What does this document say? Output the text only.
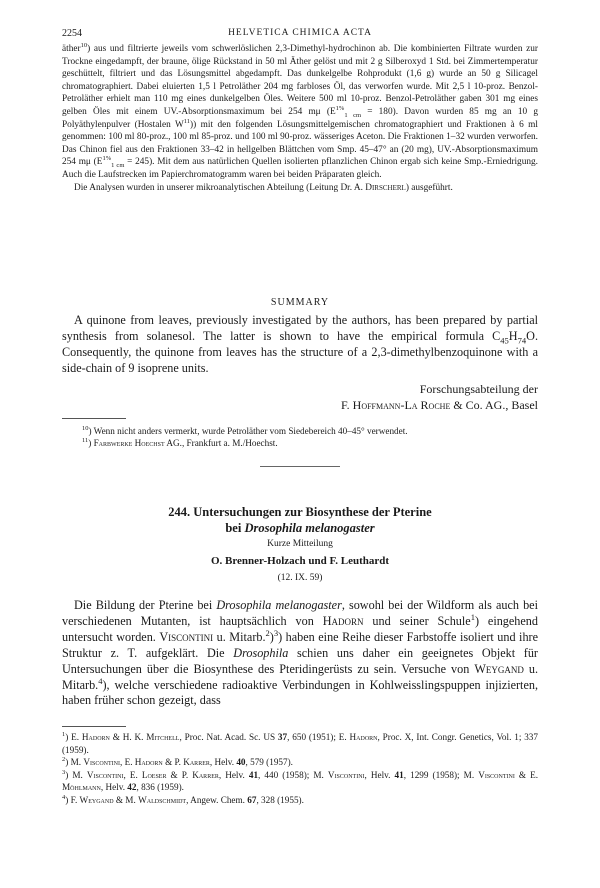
2254	HELVETICA CHIMICA ACTA

äther$^{10}$) aus und filtrierte jeweils vom schwerlöslichen 2,3-Dimethyl-hydrochinon ab. Die kombinierten Filtrate wurden zur Trockne eingedampft, der braune, ölige Rückstand in 50 ml Äther gelöst und mit 2 g Silberoxyd 1 Std. bei Zimmertemperatur geschüttelt, filtriert und das Lösungsmittel abgedampft. Das dunkelgelbe Rohprodukt (1,6 g) wurde an 50 g Silicagel chromatographiert. Dabei eluierten 1,5 l Petroläther 204 mg farbloses Öl, das verworfen wurde. Mit 2,5 l 10-proz. Benzol-Petroläther erhielt man 110 mg eines dunkelgelben Öles. Weitere 500 ml 10-proz. Benzol-Petroläther gaben 301 mg eines gelben Öles mit einem UV.-Absorptionsmaximum bei 254 mμ $(E^{1\%}_{1 cm} = 180)$. Davon wurden 85 mg an 10 g Polyäthylenpulver (Hostalen $W^{11}$)) mit den folgenden Lösungsmittelgemischen chromatographiert und Fraktionen à 6 ml genommen: 100 ml 80-proz., 100 ml 85-proz. und 100 ml 90-proz. wässeriges Aceton. Die Fraktionen 1–32 wurden verworfen. Das Chinon fiel aus den Fraktionen 33–42 in hellgelben Blättchen vom Smp. 45–47° an (20 mg), UV.-Absorptionsmaximum 254 mμ $(E^{1\%}_{1 cm} = 245)$. Mit dem aus natürlichen Quellen isolierten pflanzlichen Chinon ergab sich keine Smp.-Erniedrigung. Auch die Laufstrecken im Papierchromatogramm waren bei beiden Präparaten gleich.

Die Analysen wurden in unserer mikroanalytischen Abteilung (Leitung Dr. A. Dirscherl) ausgeführt.

SUMMARY

A quinone from leaves, previously investigated by the authors, has been prepared by partial synthesis from solanesol. The latter is shown to have the empirical formula $C_{45}H_{74}O$. Consequently, the quinone from leaves has the structure of a 2,3-dimethylbenzoquinone with a side-chain of 9 isoprene units.

Forschungsabteilung der
F. Hoffmann-La Roche & Co. AG., Basel
$^{10}$) Wenn nicht anders vermerkt, wurde Petroläther vom Siedebereich 40–45° verwendet.
$^{11}$) Farbwerke Hoechst AG., Frankfurt a. M./Hoechst.
244. Untersuchungen zur Biosynthese der Pterine
bei Drosophila melanogaster
Kurze Mitteilung
O. Brenner-Holzach und F. Leuthardt
(12. IX. 59)

Die Bildung der Pterine bei Drosophila melanogaster, sowohl bei der Wildform als auch bei verschiedenen Mutanten, ist hauptsächlich von Hadorn und seiner Schule$^1$) eingehend untersucht worden. Viscontini u. Mitarb.$^2$)$^3$) haben eine Reihe dieser Farbstoffe isoliert und ihre Struktur z. T. aufgeklärt. Die Drosophila schien uns daher ein geeignetes Objekt für Untersuchungen über die Biosynthese des Pteridingerüsts zu sein. Versuche von Weygand u. Mitarb.$^4$), welche verschiedene radioaktive Verbindungen in Kohlweisslingspuppen injizierten, haben früher schon gezeigt, dass

$^1$) E. Hadorn & H. K. Mitchell, Proc. Nat. Acad. Sc. US 37, 650 (1951); E. Hadorn, Proc. X, Int. Congr. Genetics, Vol. 1; 337 (1959).
$^2$) M. Viscontini, E. Hadorn & P. Karrer, Helv. 40, 579 (1957).
$^3$) M. Viscontini, E. Loeser & P. Karrer, Helv. 41, 440 (1958); M. Viscontini, Helv. 41, 1299 (1958); M. Viscontini & E. Möhlmann, Helv. 42, 836 (1959).
$^4$) F. Weygand & M. Waldschmidt, Angew. Chem. 67, 328 (1955).
